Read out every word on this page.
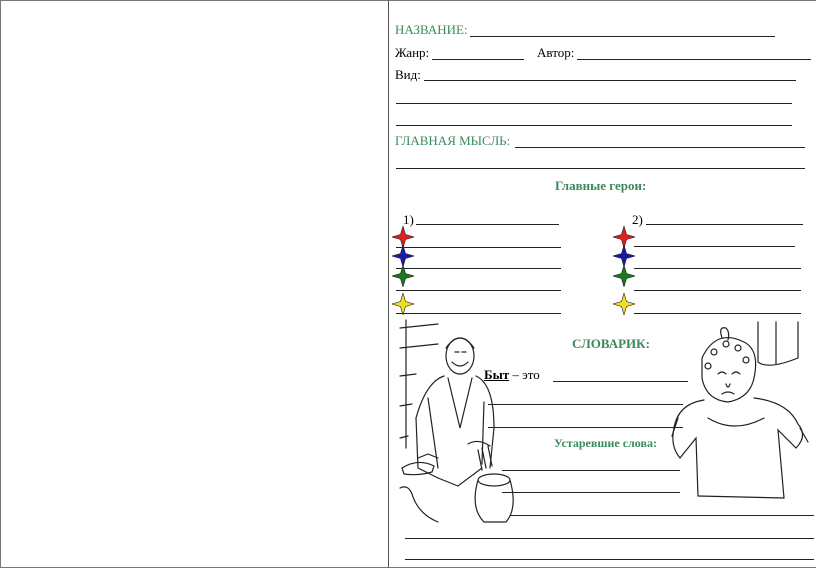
НАЗВАНИЕ:
Жанр:	Автор:
Вид:
ГЛАВНАЯ МЫСЛЬ:
Главные герои:
1)	2)
СЛОВАРИК:
Быт – это
Устаревшие слова:
